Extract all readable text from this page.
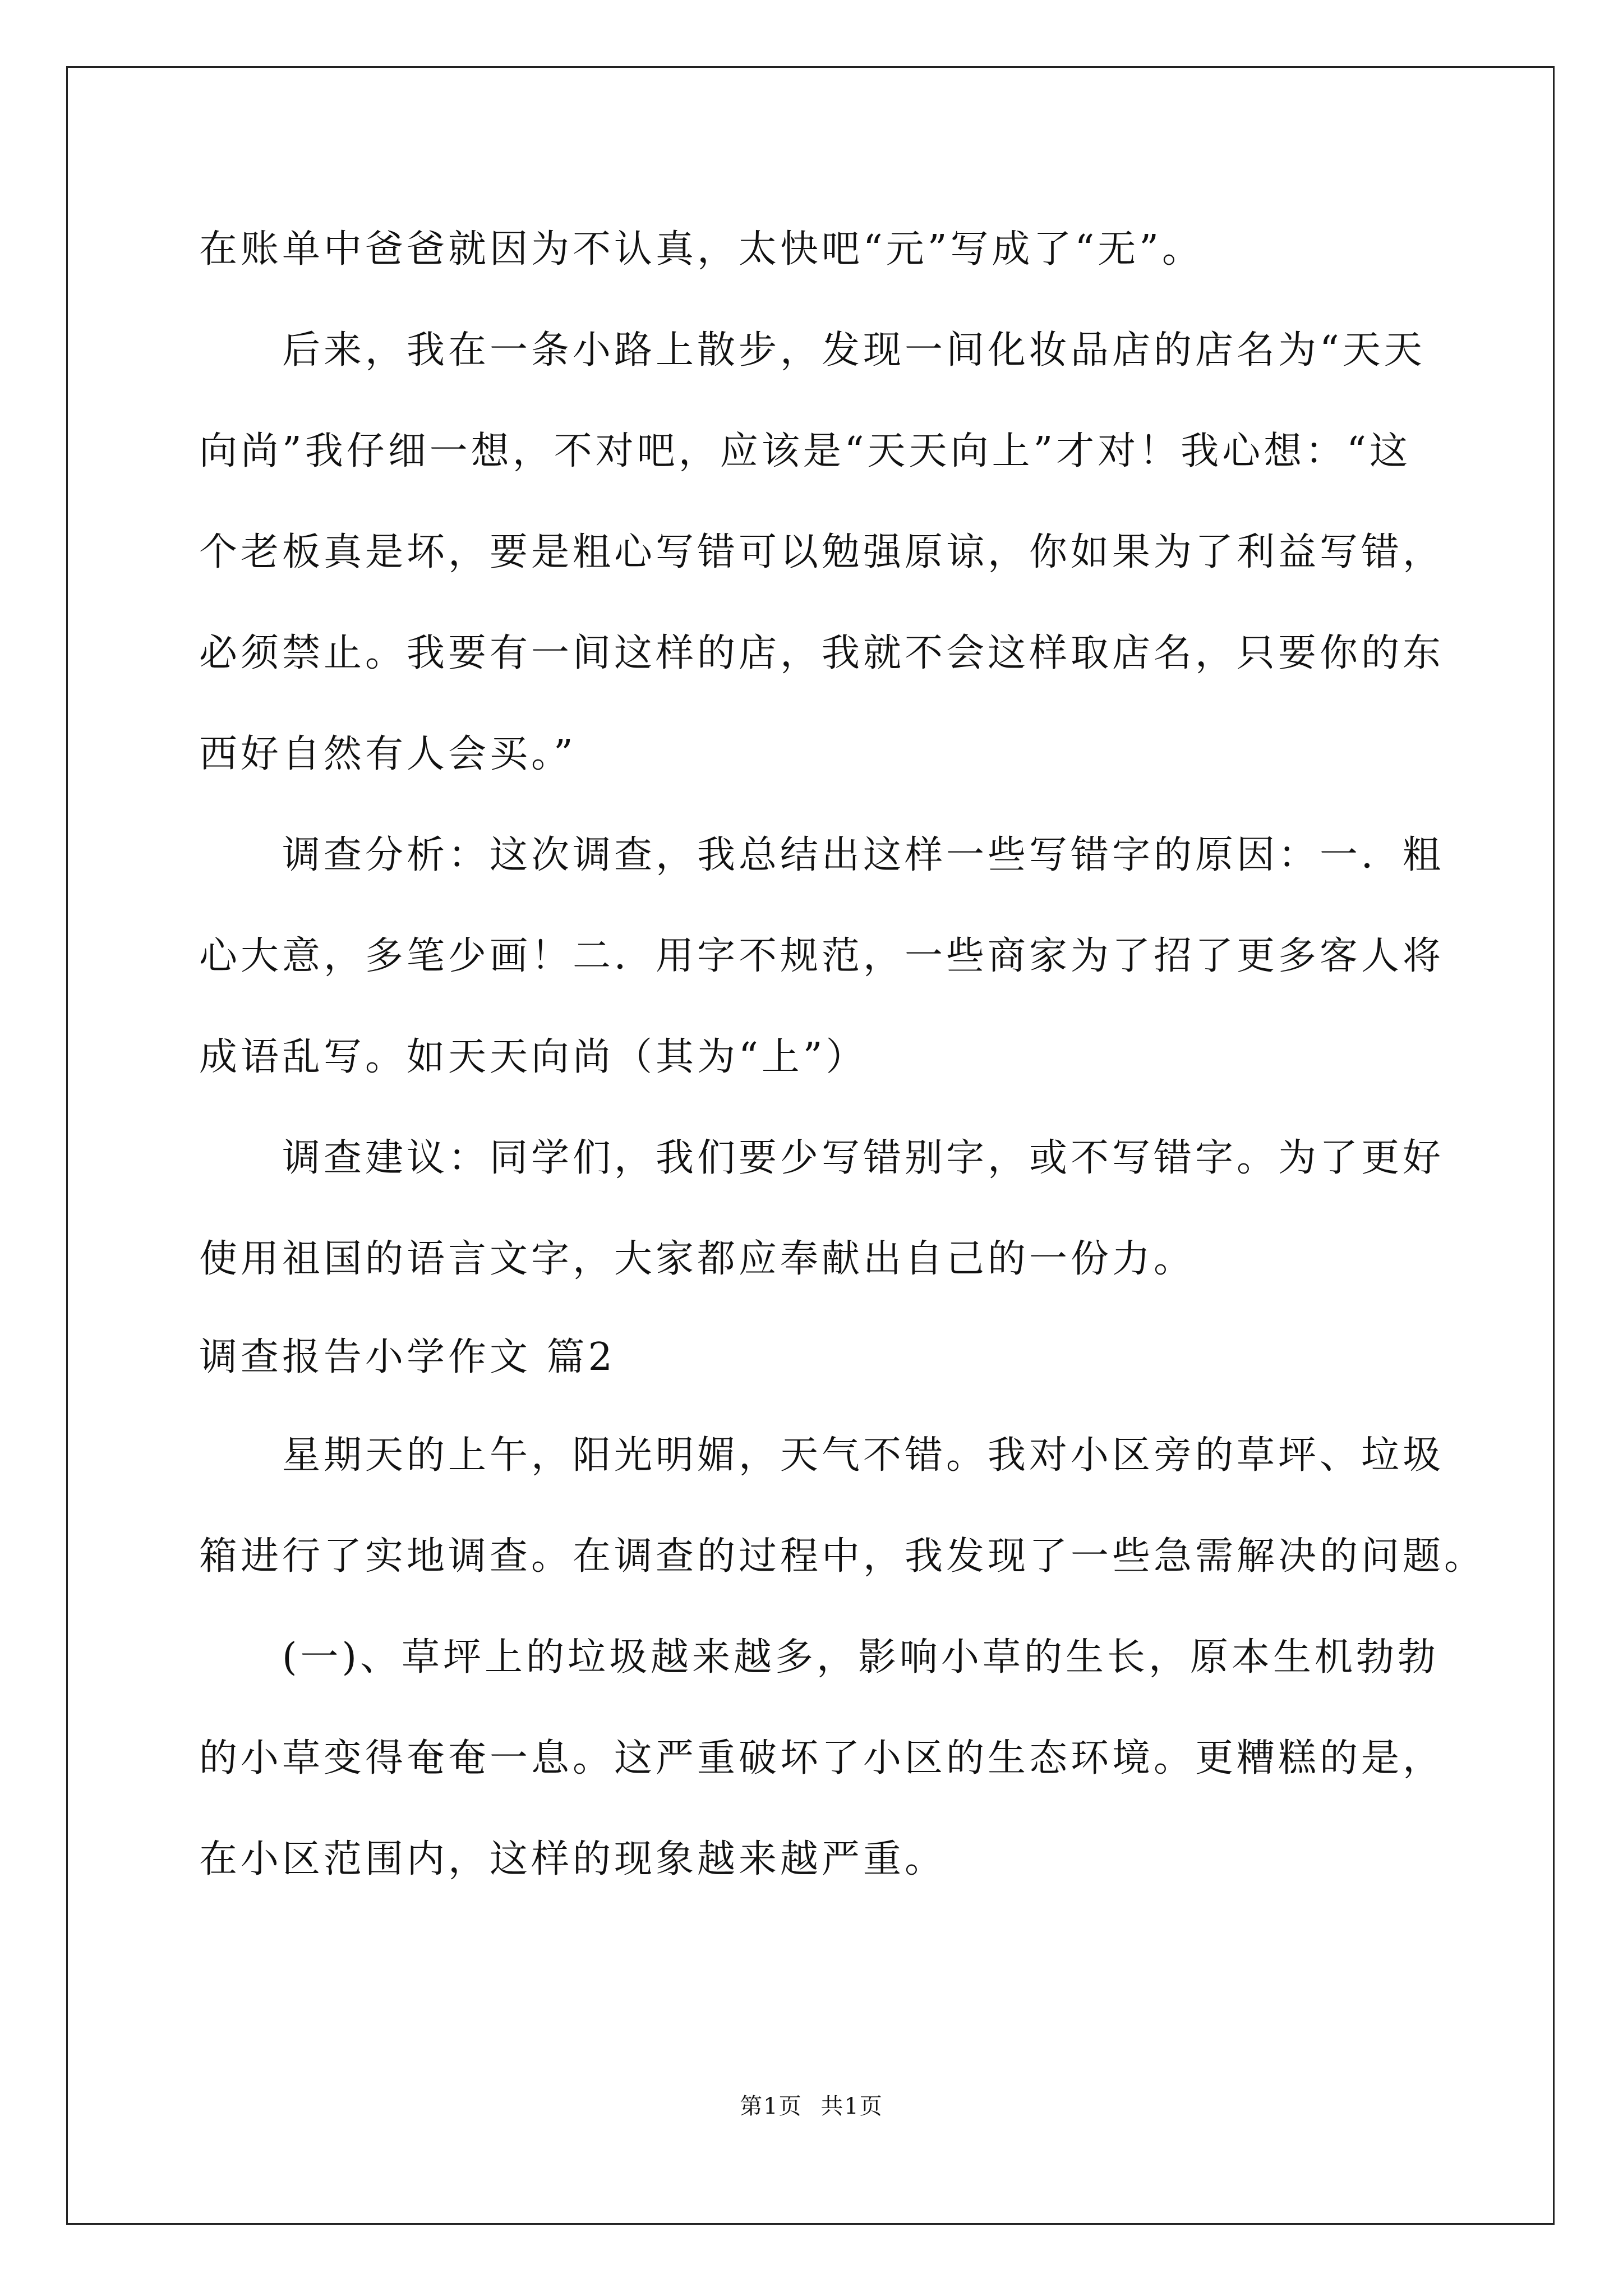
在账单中爸爸就因为不认真，太快吧“元”写成了“无”。
后来，我在一条小路上散步，发现一间化妆品店的店名为“天天
向尚”我仔细一想，不对吧，应该是“天天向上”才对！我心想：“这
个老板真是坏，要是粗心写错可以勉强原谅，你如果为了利益写错，
必须禁止。我要有一间这样的店，我就不会这样取店名，只要你的东
西好自然有人会买。”
调查分析：这次调查，我总结出这样一些写错字的原因：一．粗
心大意，多笔少画！二．用字不规范，一些商家为了招了更多客人将
成语乱写。如天天向尚（其为“上”）
调查建议：同学们，我们要少写错别字，或不写错字。为了更好
使用祖国的语言文字，大家都应奉献出自己的一份力。
调查报告小学作文 篇2
星期天的上午，阳光明媚，天气不错。我对小区旁的草坪、垃圾
箱进行了实地调查。在调查的过程中，我发现了一些急需解决的问题。
(一)、草坪上的垃圾越来越多，影响小草的生长，原本生机勃勃
的小草变得奄奄一息。这严重破坏了小区的生态环境。更糟糕的是，
在小区范围内，这样的现象越来越严重。
第1页 共1页
